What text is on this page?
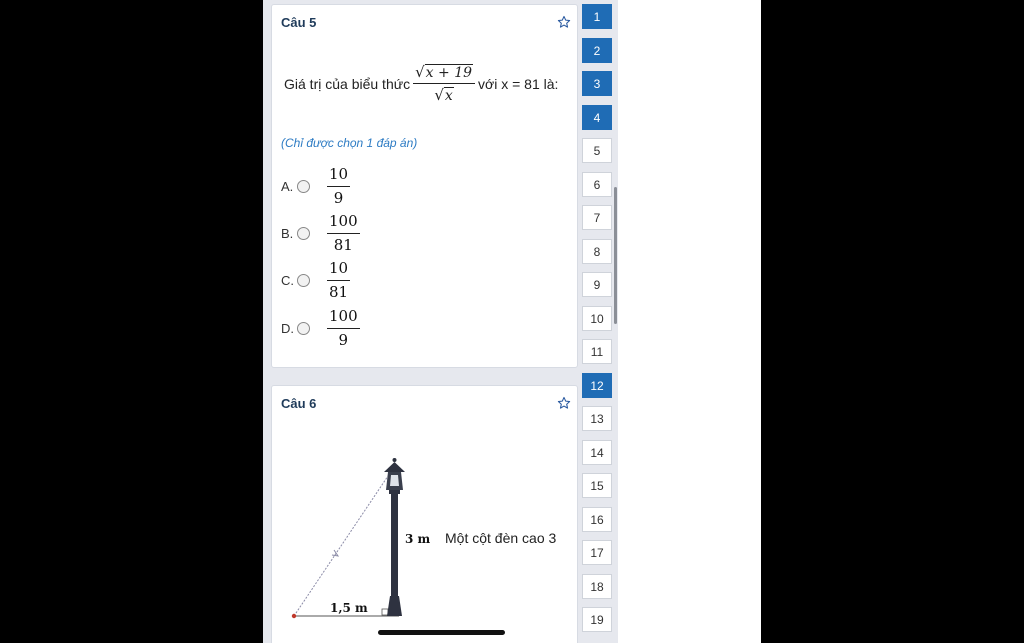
Câu 5
Giá trị của biểu thức $\frac{√ x + 19}{√ x}$ với x = 81 là:
(Chỉ được chọn 1 đáp án)
A. $\frac{10}{9}$
B. $\frac{100}{81}$
C. $\frac{10}{81}$
D. $\frac{100}{9}$
Câu 6
3 m
1,5 m
Một cột đèn cao 3
1
2
3
4
5
6
7
8
9
10
11
12
13
14
15
16
17
18
19
